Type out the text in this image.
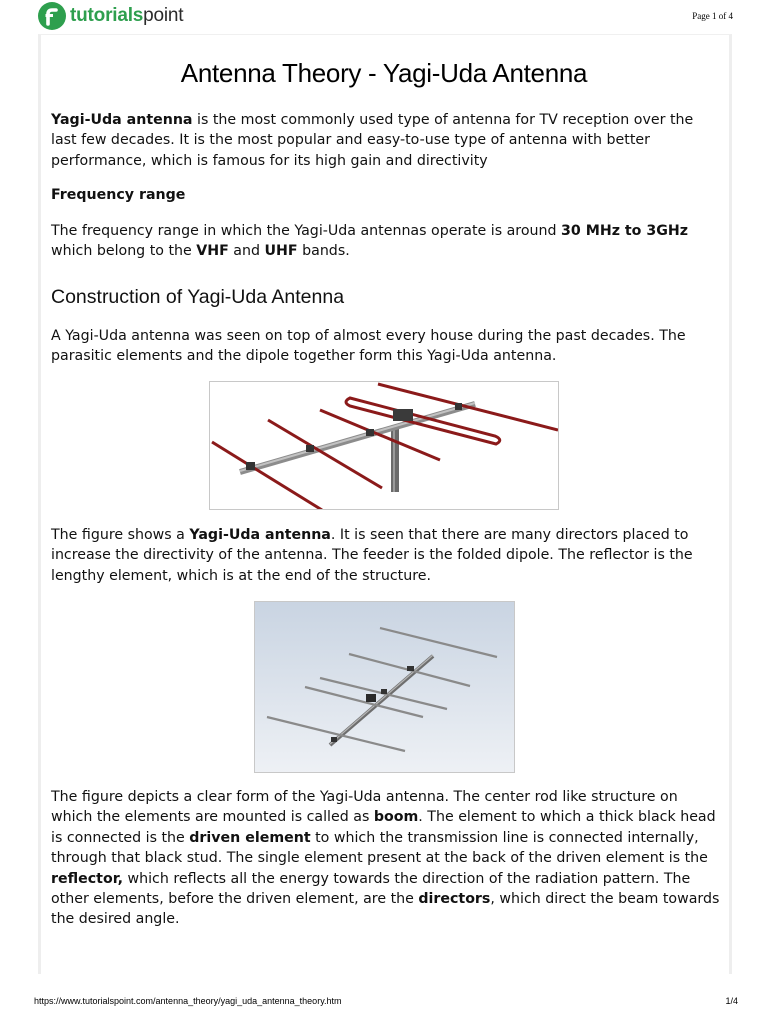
tutorialspoint	Page 1 of 4
Antenna Theory - Yagi-Uda Antenna

Yagi-Uda antenna is the most commonly used type of antenna for TV reception over the last few decades. It is the most popular and easy-to-use type of antenna with better performance, which is famous for its high gain and directivity

Frequency range

The frequency range in which the Yagi-Uda antennas operate is around 30 MHz to 3GHz which belong to the VHF and UHF bands.

Construction of Yagi-Uda Antenna

A Yagi-Uda antenna was seen on top of almost every house during the past decades. The parasitic elements and the dipole together form this Yagi-Uda antenna.

The figure shows a Yagi-Uda antenna. It is seen that there are many directors placed to increase the directivity of the antenna. The feeder is the folded dipole. The reflector is the lengthy element, which is at the end of the structure.

The figure depicts a clear form of the Yagi-Uda antenna. The center rod like structure on which the elements are mounted is called as boom. The element to which a thick black head is connected is the driven element to which the transmission line is connected internally, through that black stud. The single element present at the back of the driven element is the reflector, which reflects all the energy towards the direction of the radiation pattern. The other elements, before the driven element, are the directors, which direct the beam towards the desired angle.

https://www.tutorialspoint.com/antenna_theory/yagi_uda_antenna_theory.htm	1/4
